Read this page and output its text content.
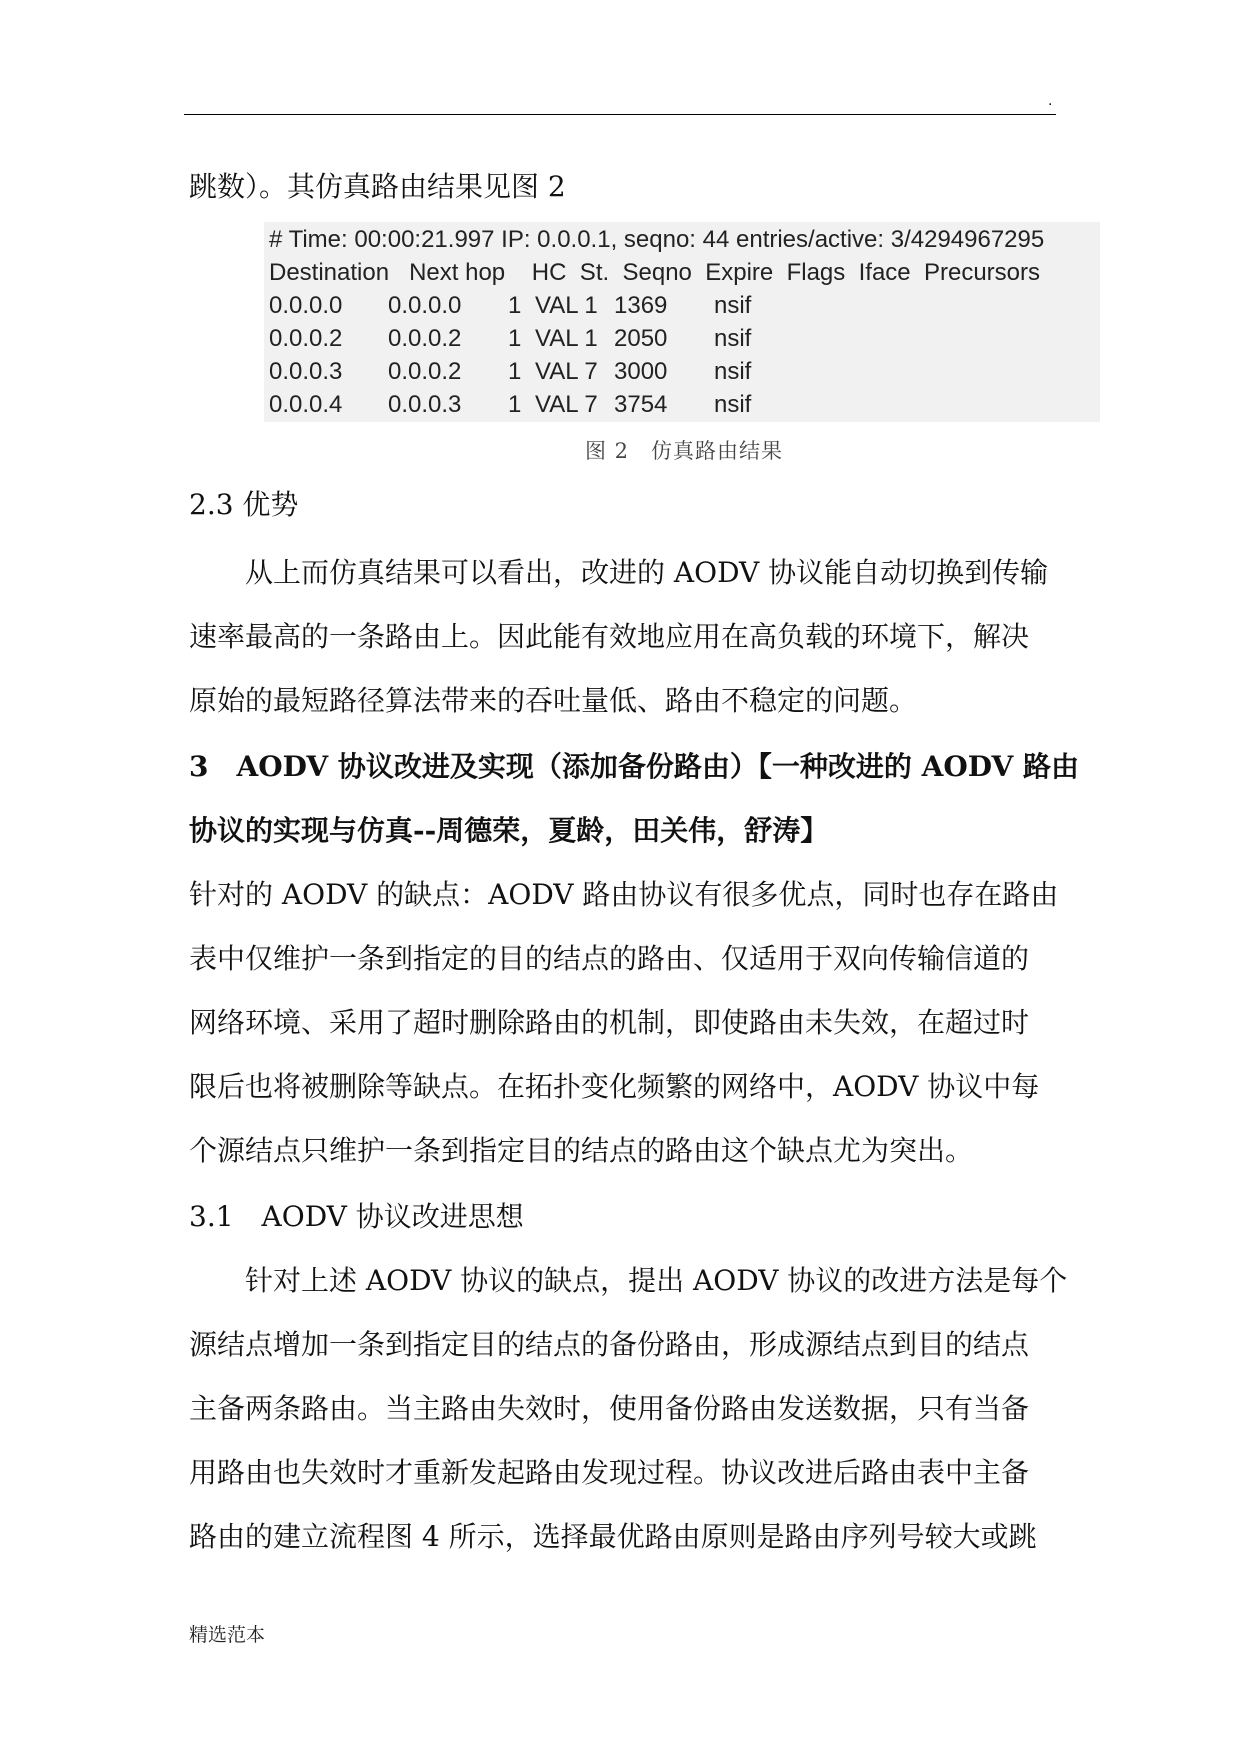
.
跳数）。其仿真路由结果见图 2
# Time: 00:00:21.997 IP: 0.0.0.1, seqno: 44 entries/active: 3/4294967295
Destination   Next hop    HC  St.  Seqno  Expire  Flags  Iface  Precursors
0.0.0.0 0.0.0.0 1 VAL 1 1369 nsif
0.0.0.2 0.0.0.2 1 VAL 1 2050 nsif
0.0.0.3 0.0.0.2 1 VAL 7 3000 nsif
0.0.0.4 0.0.0.3 1 VAL 7 3754 nsif
图 2　仿真路由结果
2.3 优势
从上而仿真结果可以看出，改进的 AODV 协议能自动切换到传输
速率最高的一条路由上。因此能有效地应用在高负载的环境下，解决
原始的最短路径算法带来的吞吐量低、路由不稳定的问题。
3　AODV 协议改进及实现（添加备份路由）【一种改进的 AODV 路由
协议的实现与仿真--周德荣，夏龄，田关伟，舒涛】
针对的 AODV 的缺点：AODV 路由协议有很多优点，同时也存在路由
表中仅维护一条到指定的目的结点的路由、仅适用于双向传输信道的
网络环境、采用了超时删除路由的机制，即使路由未失效，在超过时
限后也将被删除等缺点。在拓扑变化频繁的网络中，AODV 协议中每
个源结点只维护一条到指定目的结点的路由这个缺点尤为突出。
3.1　AODV 协议改进思想
针对上述 AODV 协议的缺点，提出 AODV 协议的改进方法是每个
源结点增加一条到指定目的结点的备份路由，形成源结点到目的结点
主备两条路由。当主路由失效时，使用备份路由发送数据，只有当备
用路由也失效时才重新发起路由发现过程。协议改进后路由表中主备
路由的建立流程图 4 所示，选择最优路由原则是路由序列号较大或跳
精选范本
